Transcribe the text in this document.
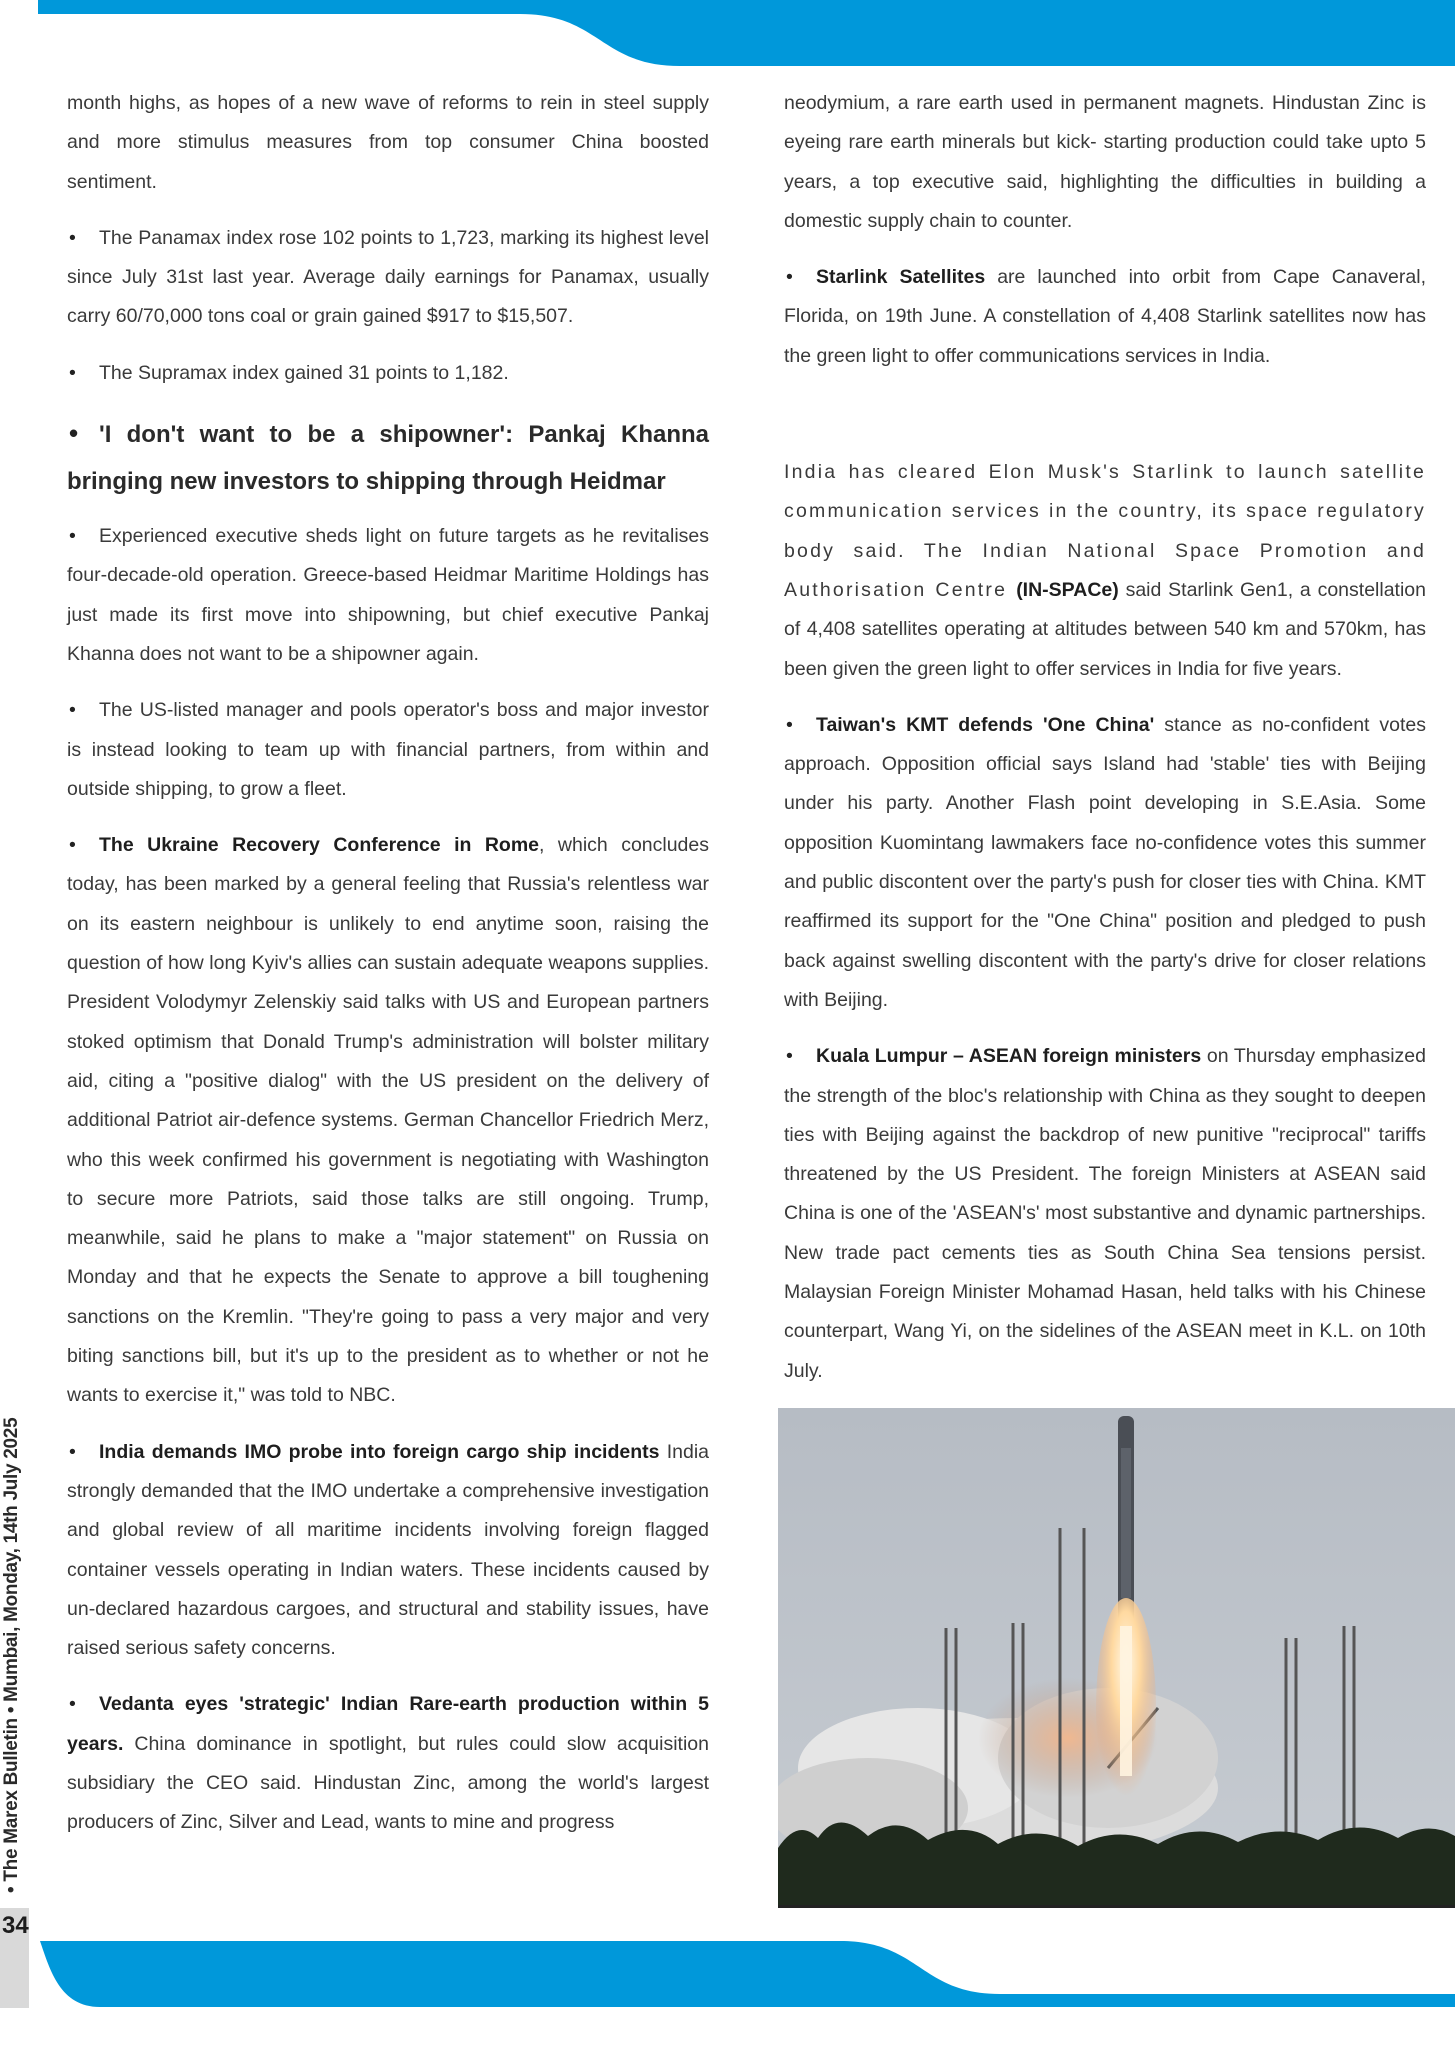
month highs, as hopes of a new wave of reforms to rein in steel supply and more stimulus measures from top consumer China boosted sentiment.

• The Panamax index rose 102 points to 1,723, marking its highest level since July 31st last year. Average daily earnings for Panamax, usually carry 60/70,000 tons coal or grain gained $917 to $15,507.

• The Supramax index gained 31 points to 1,182.

• 'I don't want to be a shipowner': Pankaj Khanna bringing new investors to shipping through Heidmar

• Experienced executive sheds light on future targets as he revitalises four-decade-old operation. Greece-based Heidmar Maritime Holdings has just made its first move into shipowning, but chief executive Pankaj Khanna does not want to be a shipowner again.

• The US-listed manager and pools operator's boss and major investor is instead looking to team up with financial partners, from within and outside shipping, to grow a fleet.

• The Ukraine Recovery Conference in Rome, which concludes today, has been marked by a general feeling that Russia's relentless war on its eastern neighbour is unlikely to end anytime soon, raising the question of how long Kyiv's allies can sustain adequate weapons supplies. President Volodymyr Zelenskiy said talks with US and European partners stoked optimism that Donald Trump's administration will bolster military aid, citing a "positive dialog" with the US president on the delivery of additional Patriot air-defence systems. German Chancellor Friedrich Merz, who this week confirmed his government is negotiating with Washington to secure more Patriots, said those talks are still ongoing. Trump, meanwhile, said he plans to make a "major statement" on Russia on Monday and that he expects the Senate to approve a bill toughening sanctions on the Kremlin. "They're going to pass a very major and very biting sanctions bill, but it's up to the president as to whether or not he wants to exercise it," was told to NBC.

• India demands IMO probe into foreign cargo ship incidents India strongly demanded that the IMO undertake a comprehensive investigation and global review of all maritime incidents involving foreign flagged container vessels operating in Indian waters. These incidents caused by un-declared hazardous cargoes, and structural and stability issues, have raised serious safety concerns.

• Vedanta eyes 'strategic' Indian Rare-earth production within 5 years. China dominance in spotlight, but rules could slow acquisition subsidiary the CEO said. Hindustan Zinc, among the world's largest producers of Zinc, Silver and Lead, wants to mine and progress

neodymium, a rare earth used in permanent magnets. Hindustan Zinc is eyeing rare earth minerals but kick- starting production could take upto 5 years, a top executive said, highlighting the difficulties in building a domestic supply chain to counter.

• Starlink Satellites are launched into orbit from Cape Canaveral, Florida, on 19th June. A constellation of 4,408 Starlink satellites now has the green light to offer communications services in India.

India has cleared Elon Musk's Starlink to launch satellite communication services in the country, its space regulatory body said. The Indian National Space Promotion and Authorisation Centre (IN-SPACe) said Starlink Gen1, a constellation of 4,408 satellites operating at altitudes between 540 km and 570km, has been given the green light to offer services in India for five years.

• Taiwan's KMT defends 'One China' stance as no-confident votes approach. Opposition official says Island had 'stable' ties with Beijing under his party. Another Flash point developing in S.E.Asia. Some opposition Kuomintang lawmakers face no-confidence votes this summer and public discontent over the party's push for closer ties with China. KMT reaffirmed its support for the "One China" position and pledged to push back against swelling discontent with the party's drive for closer relations with Beijing.

• Kuala Lumpur – ASEAN foreign ministers on Thursday emphasized the strength of the bloc's relationship with China as they sought to deepen ties with Beijing against the backdrop of new punitive "reciprocal" tariffs threatened by the US President. The foreign Ministers at ASEAN said China is one of the 'ASEAN's' most substantive and dynamic partnerships. New trade pact cements ties as South China Sea tensions persist. Malaysian Foreign Minister Mohamad Hasan, held talks with his Chinese counterpart, Wang Yi, on the sidelines of the ASEAN meet in K.L. on 10th July.

• The Marex Bulletin • Mumbai, Monday, 14th July 2025
34
